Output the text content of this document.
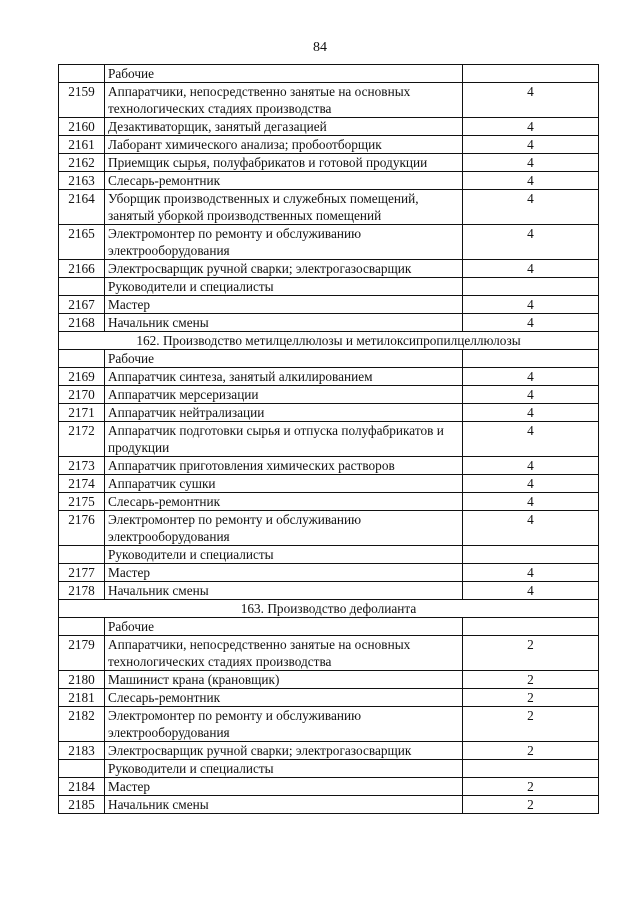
84
	Рабочие	
2159	Аппаратчики, непосредственно занятые на основных технологических стадиях производства	4
2160	Дезактиваторщик, занятый дегазацией	4
2161	Лаборант химического анализа; пробоотборщик	4
2162	Приемщик сырья, полуфабрикатов и готовой продукции	4
2163	Слесарь-ремонтник	4
2164	Уборщик производственных и служебных помещений, занятый уборкой производственных помещений	4
2165	Электромонтер по ремонту и обслуживанию электрооборудования	4
2166	Электросварщик ручной сварки; электрогазосварщик	4
	Руководители и специалисты	
2167	Мастер	4
2168	Начальник смены	4
162. Производство метилцеллюлозы и метилоксипропилцеллюлозы		
	Рабочие	
2169	Аппаратчик синтеза, занятый алкилированием	4
2170	Аппаратчик мерсеризации	4
2171	Аппаратчик нейтрализации	4
2172	Аппаратчик подготовки сырья и отпуска полуфабрикатов и продукции	4
2173	Аппаратчик приготовления химических растворов	4
2174	Аппаратчик сушки	4
2175	Слесарь-ремонтник	4
2176	Электромонтер по ремонту и обслуживанию электрооборудования	4
	Руководители и специалисты	
2177	Мастер	4
2178	Начальник смены	4
163. Производство дефолианта		
	Рабочие	
2179	Аппаратчики, непосредственно занятые на основных технологических стадиях производства	2
2180	Машинист крана (крановщик)	2
2181	Слесарь-ремонтник	2
2182	Электромонтер по ремонту и обслуживанию электрооборудования	2
2183	Электросварщик ручной сварки; электрогазосварщик	2
	Руководители и специалисты	
2184	Мастер	2
2185	Начальник смены	2
